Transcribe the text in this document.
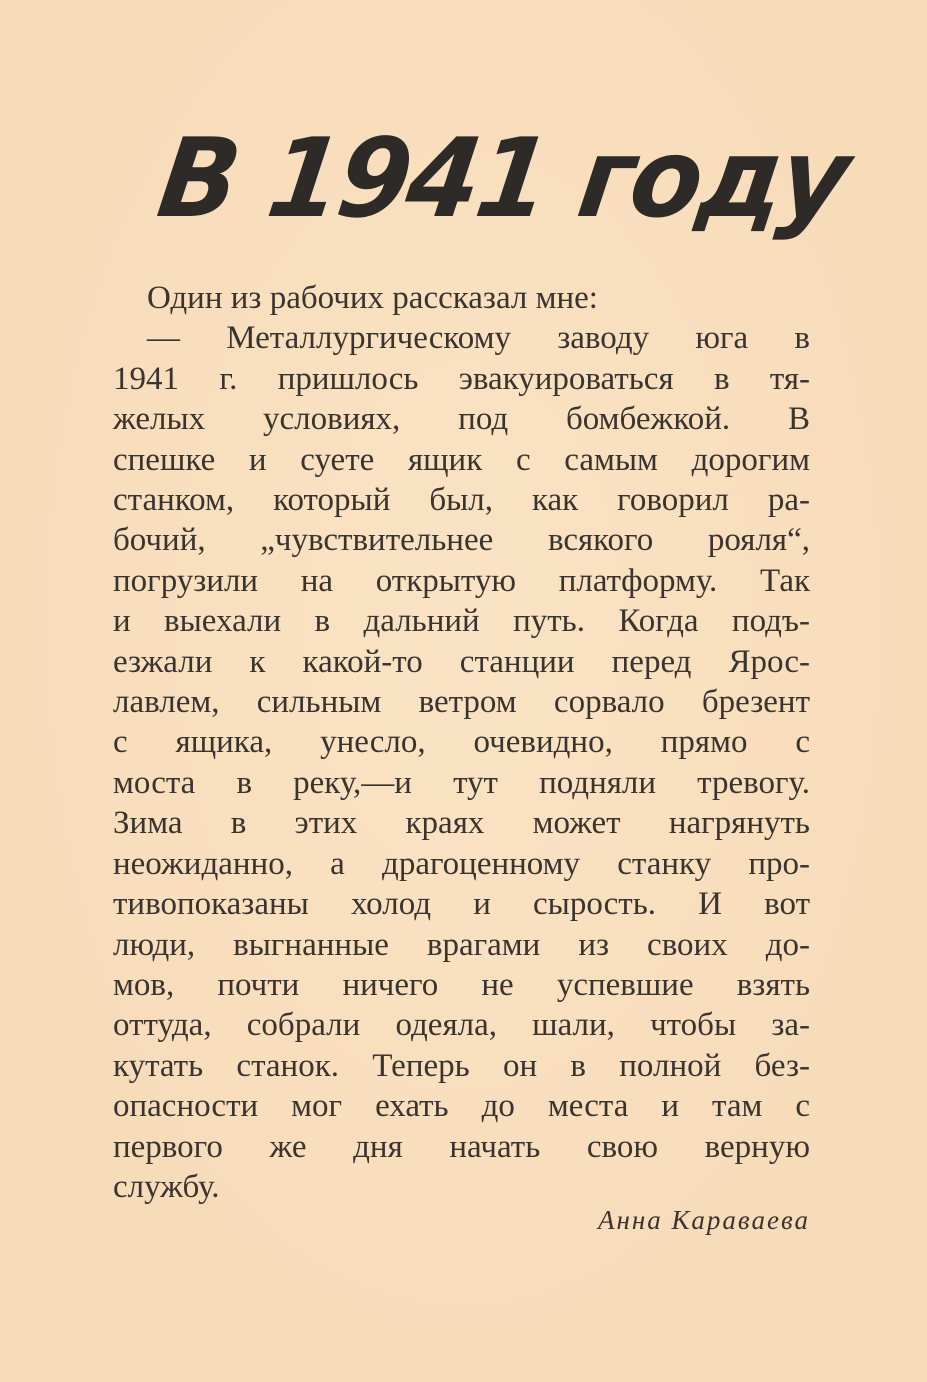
В 1941 году
Один из рабочих рассказал мне:
— Металлургическому заводу юга в
1941 г. пришлось эвакуироваться в тя-
желых условиях, под бомбежкой. В
спешке и суете ящик с самым дорогим
станком, который был, как говорил ра-
бочий, „чувствительнее всякого рояля“,
погрузили на открытую платформу. Так
и выехали в дальний путь. Когда подъ-
езжали к какой-то станции перед Ярос-
лавлем, сильным ветром сорвало брезент
с ящика, унесло, очевидно, прямо с
моста в реку,—и тут подняли тревогу.
Зима в этих краях может нагрянуть
неожиданно, а драгоценному станку про-
тивопоказаны холод и сырость. И вот
люди, выгнанные врагами из своих до-
мов, почти ничего не успевшие взять
оттуда, собрали одеяла, шали, чтобы за-
кутать станок. Теперь он в полной без-
опасности мог ехать до места и там с
первого же дня начать свою верную
службу.
Анна Караваева
